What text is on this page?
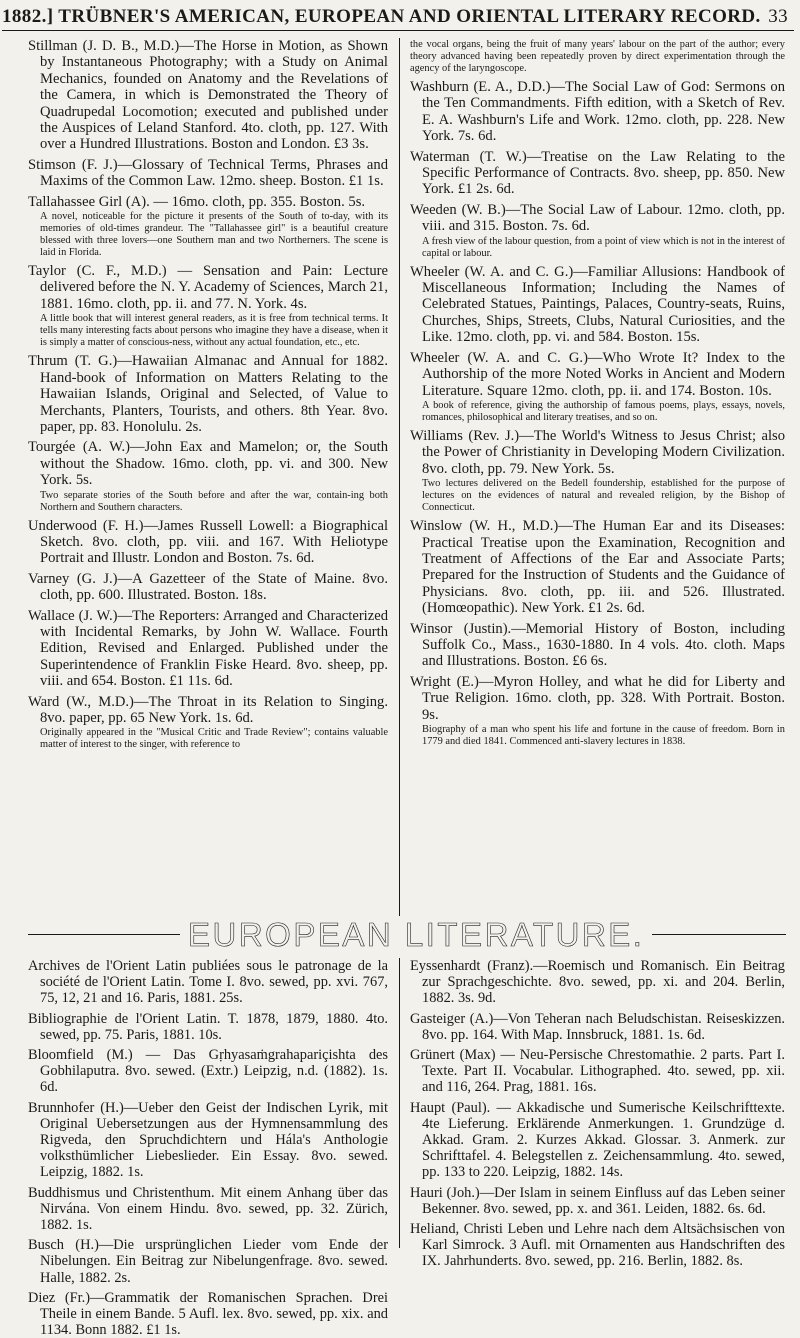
1882.] TRÜBNER'S AMERICAN, EUROPEAN AND ORIENTAL LITERARY RECORD. 33
EUROPEAN LITERATURE.
Stillman (J. D. B., M.D.)—The Horse in Motion, as Shown by Instantaneous Photography; with a Study on Animal Mechanics, founded on Anatomy and the Revelations of the Camera, in which is Demonstrated the Theory of Quadrupedal Locomotion; executed and published under the Auspices of Leland Stanford. 4to. cloth, pp. 127. With over a Hundred Illustrations. Boston and London. £3 3s.
Stimson (F. J.)—Glossary of Technical Terms, Phrases and Maxims of the Common Law. 12mo. sheep. Boston. £1 1s.
Tallahassee Girl (A). — 16mo. cloth, pp. 355. Boston. 5s.
A novel, noticeable for the picture it presents of the South of to-day, with its memories of old-times grandeur. The "Tallahassee girl" is a beautiful creature blessed with three lovers—one Southern man and two Northerners. The scene is laid in Florida.
Taylor (C. F., M.D.) — Sensation and Pain: Lecture delivered before the N. Y. Academy of Sciences, March 21, 1881. 16mo. cloth, pp. ii. and 77. N. York. 4s.
A little book that will interest general readers, as it is free from technical terms. It tells many interesting facts about persons who imagine they have a disease, when it is simply a matter of conscious-ness, without any actual foundation, etc., etc.
Thrum (T. G.)—Hawaiian Almanac and Annual for 1882. Hand-book of Information on Matters Relating to the Hawaiian Islands, Original and Selected, of Value to Merchants, Planters, Tourists, and others. 8th Year. 8vo. paper, pp. 83. Honolulu. 2s.
Tourgée (A. W.)—John Eax and Mamelon; or, the South without the Shadow. 16mo. cloth, pp. vi. and 300. New York. 5s.
Two separate stories of the South before and after the war, contain-ing both Northern and Southern characters.
Underwood (F. H.)—James Russell Lowell: a Biographical Sketch. 8vo. cloth, pp. viii. and 167. With Heliotype Portrait and Illustr. London and Boston. 7s. 6d.
Varney (G. J.)—A Gazetteer of the State of Maine. 8vo. cloth, pp. 600. Illustrated. Boston. 18s.
Wallace (J. W.)—The Reporters: Arranged and Characterized with Incidental Remarks, by John W. Wallace. Fourth Edition, Revised and Enlarged. Published under the Superintendence of Franklin Fiske Heard. 8vo. sheep, pp. viii. and 654. Boston. £1 11s. 6d.
Ward (W., M.D.)—The Throat in its Relation to Singing. 8vo. paper, pp. 65 New York. 1s. 6d.
Originally appeared in the "Musical Critic and Trade Review"; contains valuable matter of interest to the singer, with reference to
the vocal organs, being the fruit of many years' labour on the part of the author; every theory advanced having been repeatedly proven by direct experimentation through the agency of the laryngoscope.
Washburn (E. A., D.D.)—The Social Law of God: Sermons on the Ten Commandments. Fifth edition, with a Sketch of Rev. E. A. Washburn's Life and Work. 12mo. cloth, pp. 228. New York. 7s. 6d.
Waterman (T. W.)—Treatise on the Law Relating to the Specific Performance of Contracts. 8vo. sheep, pp. 850. New York. £1 2s. 6d.
Weeden (W. B.)—The Social Law of Labour. 12mo. cloth, pp. viii. and 315. Boston. 7s. 6d.
A fresh view of the labour question, from a point of view which is not in the interest of capital or labour.
Wheeler (W. A. and C. G.)—Familiar Allusions: Handbook of Miscellaneous Information; Including the Names of Celebrated Statues, Paintings, Palaces, Country-seats, Ruins, Churches, Ships, Streets, Clubs, Natural Curiosities, and the Like. 12mo. cloth, pp. vi. and 584. Boston. 15s.
Wheeler (W. A. and C. G.)—Who Wrote It? Index to the Authorship of the more Noted Works in Ancient and Modern Literature. Square 12mo. cloth, pp. ii. and 174. Boston. 10s.
A book of reference, giving the authorship of famous poems, plays, essays, novels, romances, philosophical and literary treatises, and so on.
Williams (Rev. J.)—The World's Witness to Jesus Christ; also the Power of Christianity in Developing Modern Civilization. 8vo. cloth, pp. 79. New York. 5s.
Two lectures delivered on the Bedell foundership, established for the purpose of lectures on the evidences of natural and revealed religion, by the Bishop of Connecticut.
Winslow (W. H., M.D.)—The Human Ear and its Diseases: Practical Treatise upon the Examination, Recognition and Treatment of Affections of the Ear and Associate Parts; Prepared for the Instruction of Students and the Guidance of Physicians. 8vo. cloth, pp. iii. and 526. Illustrated. (Homœopathic). New York. £1 2s. 6d.
Winsor (Justin).—Memorial History of Boston, including Suffolk Co., Mass., 1630-1880. In 4 vols. 4to. cloth. Maps and Illustrations. Boston. £6 6s.
Wright (E.)—Myron Holley, and what he did for Liberty and True Religion. 16mo. cloth, pp. 328. With Portrait. Boston. 9s.
Biography of a man who spent his life and fortune in the cause of freedom. Born in 1779 and died 1841. Commenced anti-slavery lectures in 1838.
Archives de l'Orient Latin publiées sous le patronage de la société de l'Orient Latin. Tome I. 8vo. sewed, pp. xvi. 767, 75, 12, 21 and 16. Paris, 1881. 25s.
Bibliographie de l'Orient Latin. T. 1878, 1879, 1880. 4to. sewed, pp. 75. Paris, 1881. 10s.
Bloomfield (M.) — Das Gṛhyasaṁgrahapariçishta des Gobhilaputra. 8vo. sewed. (Extr.) Leipzig, n.d. (1882). 1s. 6d.
Brunnhofer (H.)—Ueber den Geist der Indischen Lyrik, mit Original Uebersetzungen aus der Hymnensammlung des Rigveda, den Spruchdichtern und Hála's Anthologie volksthümlicher Liebeslieder. Ein Essay. 8vo. sewed. Leipzig, 1882. 1s.
Buddhismus und Christenthum. Mit einem Anhang über das Nirvána. Von einem Hindu. 8vo. sewed, pp. 32. Zürich, 1882. 1s.
Busch (H.)—Die ursprünglichen Lieder vom Ende der Nibelungen. Ein Beitrag zur Nibelungenfrage. 8vo. sewed. Halle, 1882. 2s.
Diez (Fr.)—Grammatik der Romanischen Sprachen. Drei Theile in einem Bande. 5 Aufl. lex. 8vo. sewed, pp. xix. and 1134. Bonn 1882. £1 1s.
Eyssenhardt (Franz).—Roemisch und Romanisch. Ein Beitrag zur Sprachgeschichte. 8vo. sewed, pp. xi. and 204. Berlin, 1882. 3s. 9d.
Gasteiger (A.)—Von Teheran nach Beludschistan. Reiseskizzen. 8vo. pp. 164. With Map. Innsbruck, 1881. 1s. 6d.
Grünert (Max) — Neu-Persische Chrestomathie. 2 parts. Part I. Texte. Part II. Vocabular. Lithographed. 4to. sewed, pp. xii. and 116, 264. Prag, 1881. 16s.
Haupt (Paul). — Akkadische und Sumerische Keilschrifttexte. 4te Lieferung. Erklärende Anmerkungen. 1. Grundzüge d. Akkad. Gram. 2. Kurzes Akkad. Glossar. 3. Anmerk. zur Schrifttafel. 4. Belegstellen z. Zeichensammlung. 4to. sewed, pp. 133 to 220. Leipzig, 1882. 14s.
Hauri (Joh.)—Der Islam in seinem Einfluss auf das Leben seiner Bekenner. 8vo. sewed, pp. x. and 361. Leiden, 1882. 6s. 6d.
Heliand, Christi Leben und Lehre nach dem Altsächsischen von Karl Simrock. 3 Aufl. mit Ornamenten aus Handschriften des IX. Jahrhunderts. 8vo. sewed, pp. 216. Berlin, 1882. 8s.
